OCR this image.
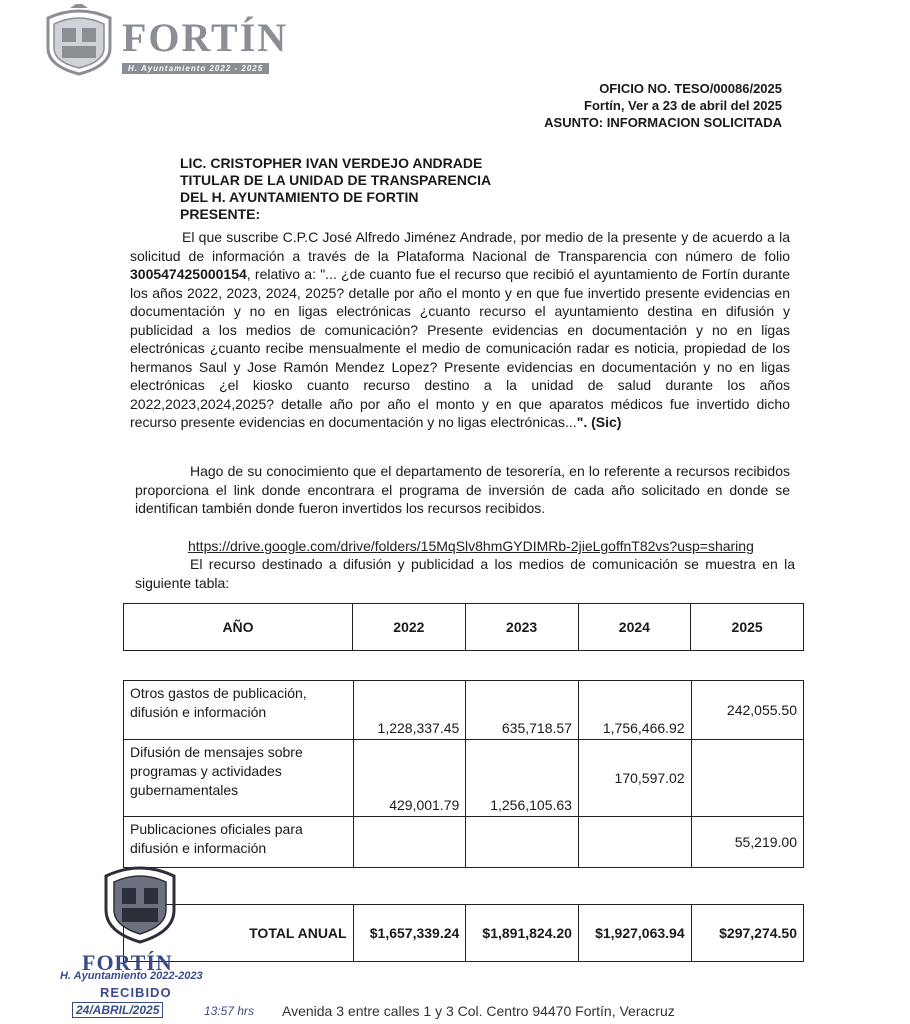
FORTÍN
H. Ayuntamiento 2022 - 2025
OFICIO NO. TESO/00086/2025
Fortín, Ver a 23 de abril del 2025
ASUNTO: INFORMACION SOLICITADA
LIC. CRISTOPHER IVAN VERDEJO ANDRADE
TITULAR DE LA UNIDAD DE TRANSPARENCIA
DEL H. AYUNTAMIENTO DE FORTIN
PRESENTE:

El que suscribe C.P.C José Alfredo Jiménez Andrade, por medio de la presente y de acuerdo a la solicitud de información a través de la Plataforma Nacional de Transparencia con número de folio 300547425000154, relativo a: "... ¿de cuanto fue el recurso que recibió el ayuntamiento de Fortín durante los años 2022, 2023, 2024, 2025? detalle por año el monto y en que fue invertido presente evidencias en documentación y no en ligas electrónicas ¿cuanto recurso el ayuntamiento destina en difusión y publicidad a los medios de comunicación? Presente evidencias en documentación y no en ligas electrónicas ¿cuanto recibe mensualmente el medio de comunicación radar es noticia, propiedad de los hermanos Saul y Jose Ramón Mendez Lopez? Presente evidencias en documentación y no en ligas electrónicas ¿el kiosko cuanto recurso destino a la unidad de salud durante los años 2022,2023,2024,2025? detalle año por año el monto y en que aparatos médicos fue invertido dicho recurso presente evidencias en documentación y no ligas electrónicas...". (Sic)

Hago de su conocimiento que el departamento de tesorería, en lo referente a recursos recibidos proporciona el link donde encontrara el programa de inversión de cada año solicitado en donde se identifican también donde fueron invertidos los recursos recibidos.

https://drive.google.com/drive/folders/15MqSlv8hmGYDIMRb-2jieLgoffnT82vs?usp=sharing

El recurso destinado a difusión y publicidad a los medios de comunicación se muestra en la siguiente tabla:

AÑO	2022	2023	2024	2025
Otros gastos de publicación, difusión e información	1,228,337.45	635,718.57	1,756,466.92	242,055.50
Difusión de mensajes sobre programas y actividades gubernamentales	429,001.79	1,256,105.63	170,597.02	
Publicaciones oficiales para difusión e información				55,219.00

TOTAL ANUAL	$1,657,339.24	$1,891,824.20	$1,927,063.94	$297,274.50
FORTÍN
H. Ayuntamiento 2022-2023
RECIBIDO
24/ABRIL/2025	13:57 hrs Avenida 3 entre calles 1 y 3 Col. Centro 94470 Fortín, Veracruz
